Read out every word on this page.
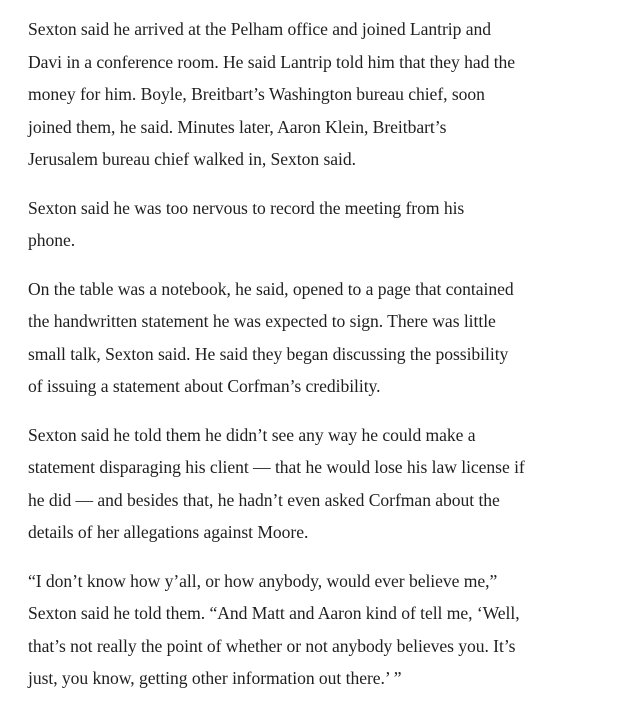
Sexton said he arrived at the Pelham office and joined Lantrip and
Davi in a conference room. He said Lantrip told him that they had the
money for him. Boyle, Breitbart’s Washington bureau chief, soon
joined them, he said. Minutes later, Aaron Klein, Breitbart’s
Jerusalem bureau chief walked in, Sexton said.

Sexton said he was too nervous to record the meeting from his
phone.

On the table was a notebook, he said, opened to a page that contained
the handwritten statement he was expected to sign. There was little
small talk, Sexton said. He said they began discussing the possibility
of issuing a statement about Corfman’s credibility.

Sexton said he told them he didn’t see any way he could make a
statement disparaging his client — that he would lose his law license if
he did — and besides that, he hadn’t even asked Corfman about the
details of her allegations against Moore.

“I don’t know how y’all, or how anybody, would ever believe me,”
Sexton said he told them. “And Matt and Aaron kind of tell me, ‘Well,
that’s not really the point of whether or not anybody believes you. It’s
just, you know, getting other information out there.’ ”
